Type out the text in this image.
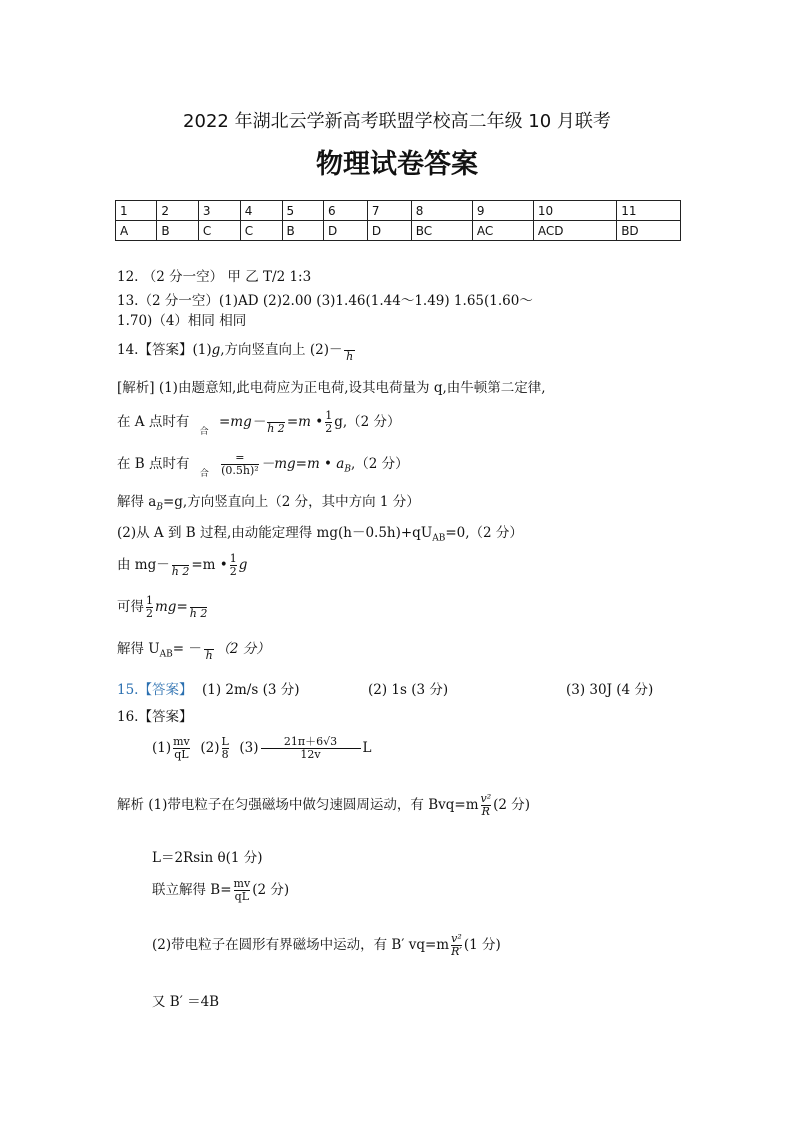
2022 年湖北云学新高考联盟学校高二年级 10 月联考
物理试卷答案
1	2	3	4	5	6	7	8	9	10	11
A	B	C	C	B	D	D	BC	AC	ACD	BD
12. （2 分一空） 甲 乙 T/2 1:3
13.（2 分一空）(1)AD (2)2.00 (3)1.46(1.44～1.49) 1.65(1.60～
1.70)（4）相同 相同
14.【答案】(1)g,方向竖直向上 (2)－
h
[解析] (1)由题意知,此电荷应为正电荷,设其电荷量为 q,由牛顿第二定律,
在 A 点时有 $_合$ =mg－
h 2 =m • $\frac{1}{2} g,(2$ 分）
在 B 点时有 $_合 \frac{=}{\text{(0.5h)²}} -mg=m$ • $a_B,(2$ 分）
解得 $a_B=g$,方向竖直向上（2 分，其中方向 1 分）
(2)从 A 到 B 过程,由动能定理得 $mg(h-0.5h)+qU_{AB}=0,(2$ 分）
由 mg－
h 2 =m • $\frac{1}{2}$ g
可得 $\frac{1}{2} mg=$
h 2
解得 $U_{AB}=$ －
h （2 分）
15.【答案】 (1) 2m/s (3 分)	(2) 1s (3 分)	(3) 30J (4 分)
16.【答案】
$(1) \frac{mv}{qL} (2) \frac{L}{8} (3) \frac{21\pi+6√3}{12v}$ L
解析 (1)带电粒子在匀强磁场中做匀速圆周运动，有 $Bvq=m \frac{\text{v²}}{R} (2$ 分)
L＝2Rsin θ(1 分)
联立解得 $B= \frac{mv}{qL} (2$ 分)
(2)带电粒子在圆形有界磁场中运动，有 B′ $vq=m \frac{\text{v²}}{R'} (1$ 分)
又 B′ ＝4B
